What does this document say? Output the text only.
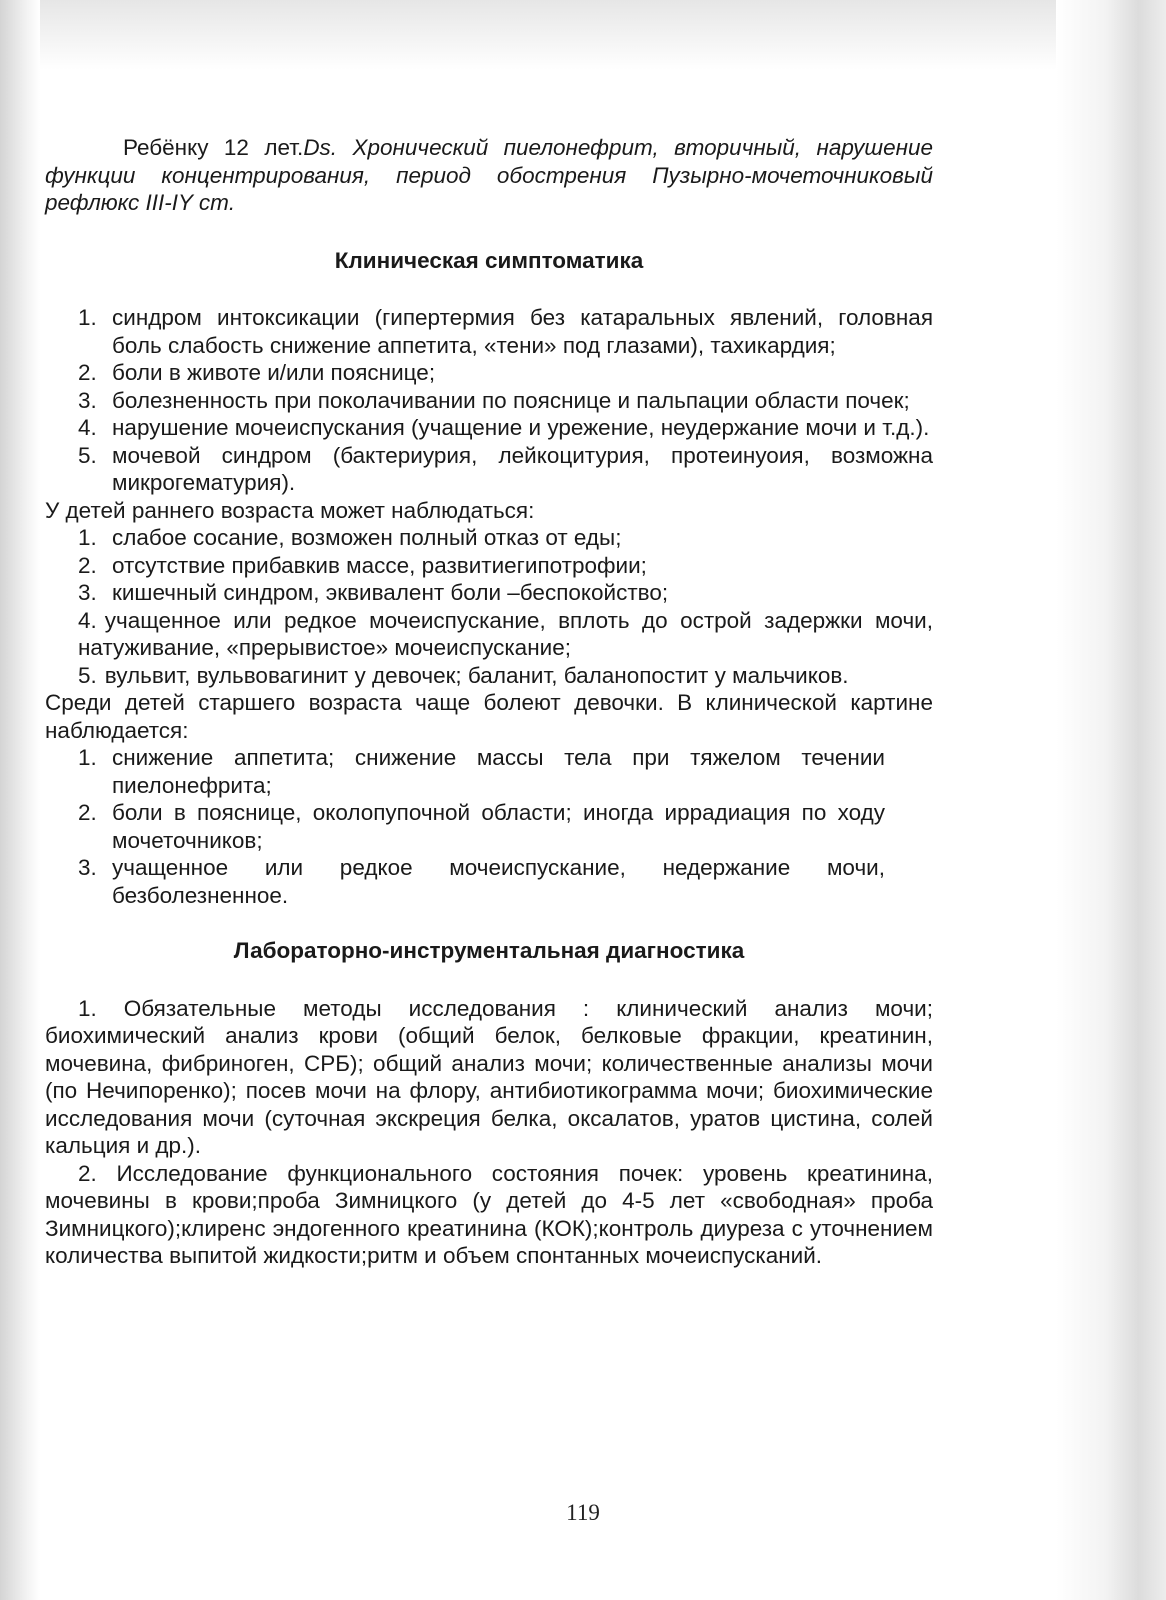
Ребёнку 12 лет.Ds. Хронический пиелонефрит, вторичный, нарушение функции концентрирования, период обострения Пузырно-мочеточниковый рефлюкс III-IY cm.

Клиническая симптоматика
1. синдром интоксикации (гипертермия без катаральных явлений, головная боль слабость снижение аппетита, «тени» под глазами), тахикардия;
2. боли в животе и/или пояснице;
3. болезненность при поколачивании по пояснице и пальпации области почек;
4. нарушение мочеиспускания (учащение и урежение, неудержание мочи и т.д.).
5. мочевой синдром (бактериурия, лейкоцитурия, протеинуоия, возможна микрогематурия).

У детей раннего возраста может наблюдаться:

1. слабое сосание, возможен полный отказ от еды;
2. отсутствие прибавкив массе, развитиегипотрофии;
3. кишечный синдром, эквивалент боли –беспокойство;
4. учащенное или редкое мочеиспускание, вплоть до острой задержки мочи, натуживание, «прерывистое» мочеиспускание;
5. вульвит, вульвовагинит у девочек; баланит, баланопостит у мальчиков.

Среди детей старшего возраста чаще болеют девочки. В клинической картине наблюдается:

1. снижение аппетита; снижение массы тела при тяжелом течении пиелонефрита;
2. боли в пояснице, околопупочной области; иногда иррадиация по ходу мочеточников;
3. учащенное или редкое мочеиспускание, недержание мочи, безболезненное.
Лабораторно-инструментальная диагностика

1. Обязательные методы исследования : клинический анализ мочи; биохимический анализ крови (общий белок, белковые фракции, креатинин, мочевина, фибриноген, СРБ); общий анализ мочи; количественные анализы мочи (по Нечипоренко); посев мочи на флору, антибиотикограмма мочи; биохимические исследования мочи (суточная экскреция белка, оксалатов, уратов цистина, солей кальция и др.).

2. Исследование функционального состояния почек: уровень креатинина, мочевины в крови;проба Зимницкого (у детей до 4-5 лет «свободная» проба Зимницкого);клиренс эндогенного креатинина (КОК);контроль диуреза с уточнением количества выпитой жидкости;ритм и объем спонтанных мочеиспусканий.

119
